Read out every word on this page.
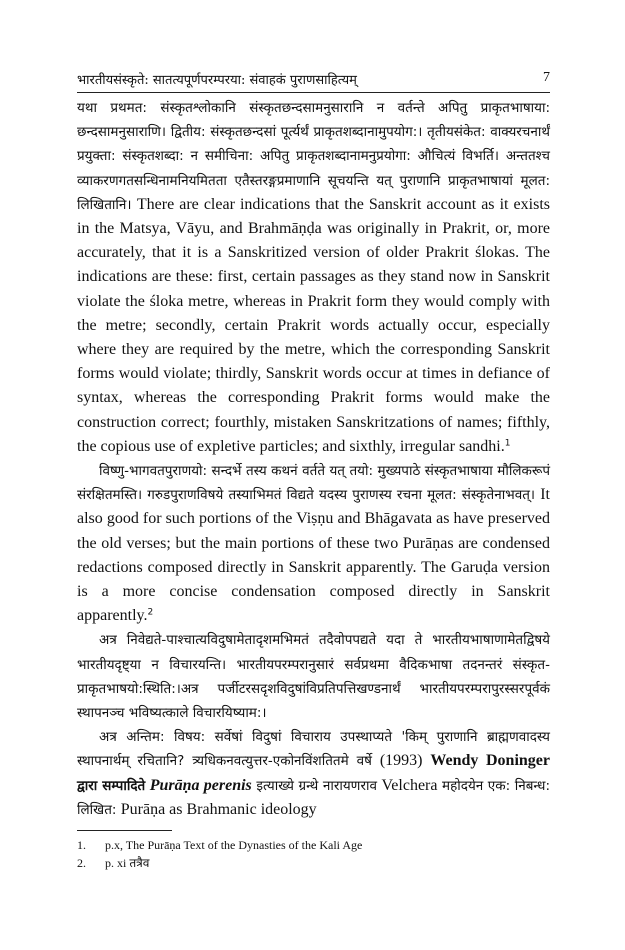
भारतीयसंस्कृते: सातत्यपूर्णपरम्परया: संवाहकं पुराणसाहित्यम्	7

यथा प्रथमत: संस्कृतश्लोकानि संस्कृतछन्दसामनुसारानि न वर्तन्ते अपितु प्राकृतभाषाया: छन्दसामनुसाराणि। द्वितीय: संस्कृतछन्दसां पूर्त्यर्थं प्राकृतशब्दानामुपयोग:। तृतीयसंकेत: वाक्यरचनार्थं प्रयुक्ता: संस्कृतशब्दा: न समीचिना: अपितु प्राकृतशब्दानामनुप्रयोगा: औचित्यं विभर्ति। अन्ततश्च व्याकरणगतसन्धिनामनियमितता एतैस्तरङ्गप्रमाणानि सूचयन्ति यत् पुराणानि प्राकृतभाषायां मूलत: लिखितानि। There are clear indications that the Sanskrit account as it exists in the Matsya, Vāyu, and Brahmāṇḍa was originally in Prakrit, or, more accurately, that it is a Sanskritized version of older Prakrit ślokas. The indications are these: first, certain passages as they stand now in Sanskrit violate the śloka metre, whereas in Prakrit form they would comply with the metre; secondly, certain Prakrit words actually occur, especially where they are required by the metre, which the corresponding Sanskrit forms would violate; thirdly, Sanskrit words occur at times in defiance of syntax, whereas the corresponding Prakrit forms would make the construction correct; fourthly, mistaken Sanskritzations of names; fifthly, the copious use of expletive particles; and sixthly, irregular sandhi.$^1$

विष्णु-भागवतपुराणयो: सन्दर्भे तस्य कथनं वर्तते यत् तयो: मुख्यपाठे संस्कृतभाषाया मौलिकरूपं संरक्षितमस्ति। गरुडपुराणविषये तस्याभिमतं विद्यते यदस्य पुराणस्य रचना मूलत: संस्कृतेनाभवत्। It also good for such portions of the Viṣṇu and Bhāgavata as have preserved the old verses; but the main portions of these two Purāṇas are condensed redactions composed directly in Sanskrit apparently. The Garuḍa version is a more concise condensation composed directly in Sanskrit apparently.$^2$

अत्र निवेद्यते-पाश्चात्यविदुषामेतादृशमभिमतं तदैवोपपद्यते यदा ते भारतीयभाषाणामेतद्विषये भारतीयदृष्ट्या न विचारयन्ति। भारतीयपरम्परानुसारं सर्वप्रथमा वैदिकभाषा तदनन्तरं संस्कृत-प्राकृतभाषयो:स्थिति:।अत्र पर्जीटरसदृशविदुषांविप्रतिपत्तिखण्डनार्थं भारतीयपरम्परापुरस्सरपूर्वकं स्थापनञ्च भविष्यत्काले विचारयिष्याम:।

अत्र अन्तिम: विषय: सर्वेषां विदुषां विचाराय उपस्थाप्यते 'किम् पुराणानि ब्राह्मणवादस्य स्थापनार्थम् रचितानि? त्र्यधिकनवत्युत्तर-एकोनविंशतितमे वर्षे (1993) Wendy Doninger द्वारा सम्पादिते Purāṇa perenis इत्याख्ये ग्रन्थे नारायणराव Velchera महोदयेन एक: निबन्ध: लिखित: Purāṇa as Brahmanic ideology

1.	p.x, The Purāṇa Text of the Dynasties of the Kali Age
2.	p. xi तत्रैव
